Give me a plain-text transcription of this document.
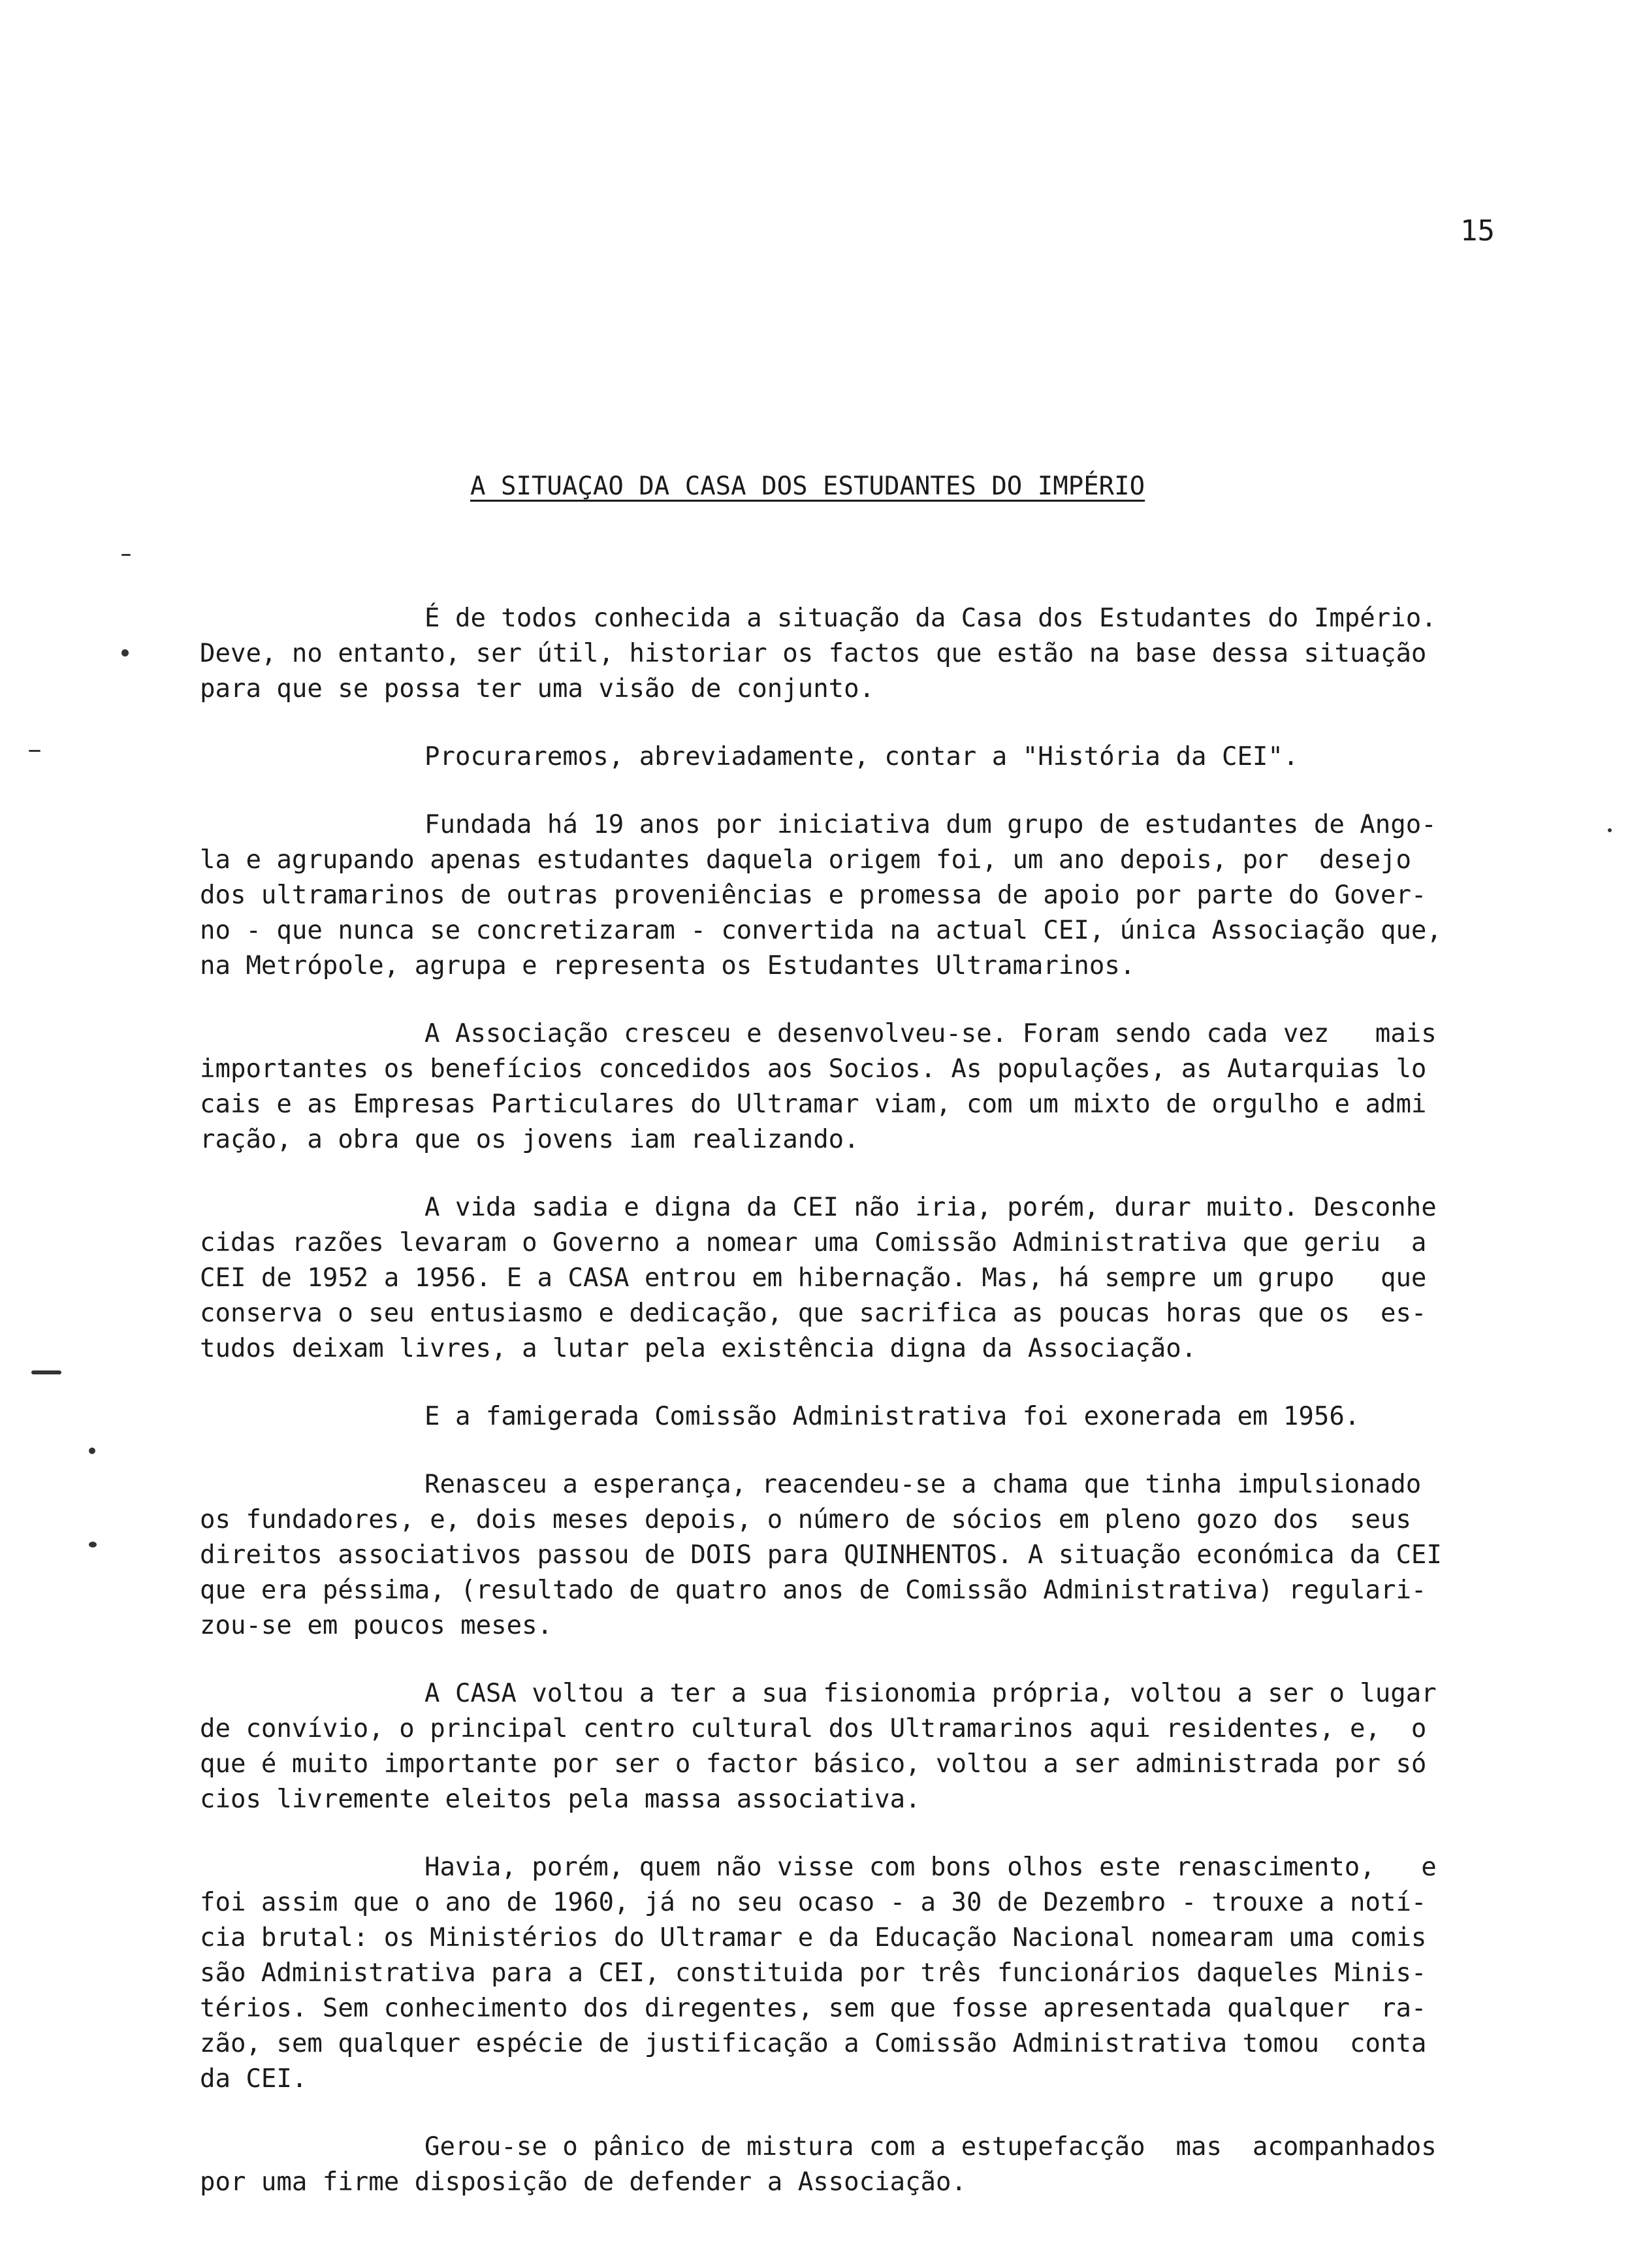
15
A SITUAÇAO DA CASA DOS ESTUDANTES DO IMPÉRIO
É de todos conhecida a situação da Casa dos Estudantes do Império.
Deve, no entanto, ser útil, historiar os factos que estão na base dessa situação
para que se possa ter uma visão de conjunto.
Procuraremos, abreviadamente, contar a "História da CEI".
Fundada há 19 anos por iniciativa dum grupo de estudantes de Ango-
la e agrupando apenas estudantes daquela origem foi, um ano depois, por  desejo
dos ultramarinos de outras proveniências e promessa de apoio por parte do Gover-
no - que nunca se concretizaram - convertida na actual CEI, única Associação que,
na Metrópole, agrupa e representa os Estudantes Ultramarinos.
A Associação cresceu e desenvolveu-se. Foram sendo cada vez   mais
importantes os benefícios concedidos aos Socios. As populações, as Autarquias lo
cais e as Empresas Particulares do Ultramar viam, com um mixto de orgulho e admi
ração, a obra que os jovens iam realizando.
A vida sadia e digna da CEI não iria, porém, durar muito. Desconhe
cidas razões levaram o Governo a nomear uma Comissão Administrativa que geriu  a
CEI de 1952 a 1956. E a CASA entrou em hibernação. Mas, há sempre um grupo   que
conserva o seu entusiasmo e dedicação, que sacrifica as poucas horas que os  es-
tudos deixam livres, a lutar pela existência digna da Associação.
E a famigerada Comissão Administrativa foi exonerada em 1956.
Renasceu a esperança, reacendeu-se a chama que tinha impulsionado
os fundadores, e, dois meses depois, o número de sócios em pleno gozo dos  seus
direitos associativos passou de DOIS para QUINHENTOS. A situação económica da CEI
que era péssima, (resultado de quatro anos de Comissão Administrativa) regulari-
zou-se em poucos meses.
A CASA voltou a ter a sua fisionomia própria, voltou a ser o lugar
de convívio, o principal centro cultural dos Ultramarinos aqui residentes, e,  o
que é muito importante por ser o factor básico, voltou a ser administrada por só
cios livremente eleitos pela massa associativa.
Havia, porém, quem não visse com bons olhos este renascimento,   e
foi assim que o ano de 1960, já no seu ocaso - a 30 de Dezembro - trouxe a notí-
cia brutal: os Ministérios do Ultramar e da Educação Nacional nomearam uma comis
são Administrativa para a CEI, constituida por três funcionários daqueles Minis-
térios. Sem conhecimento dos diregentes, sem que fosse apresentada qualquer  ra-
zão, sem qualquer espécie de justificação a Comissão Administrativa tomou  conta
da CEI.
Gerou-se o pânico de mistura com a estupefacção  mas  acompanhados
por uma firme disposição de defender a Associação.
